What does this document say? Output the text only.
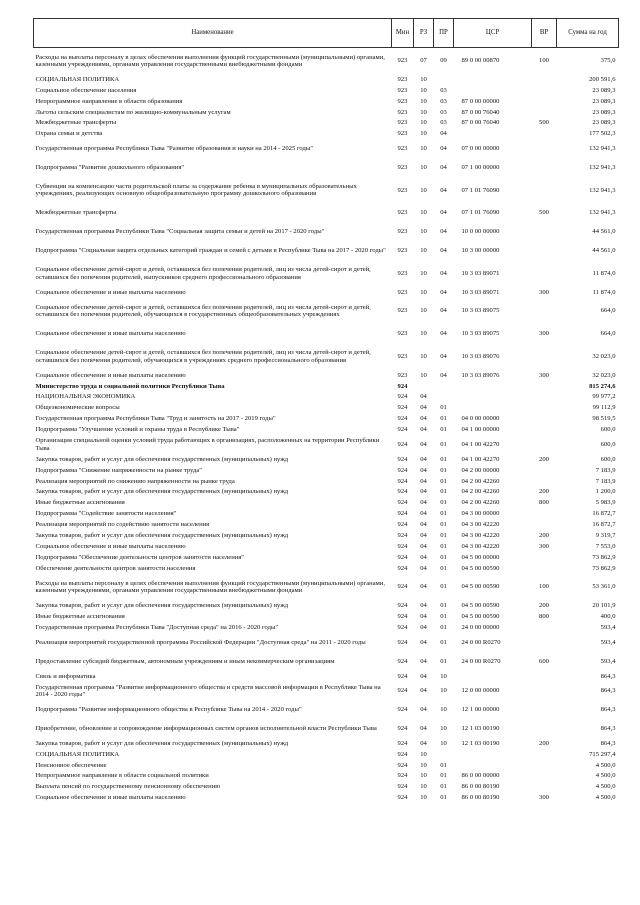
Наименование	Мин	РЗ	ПР	ЦСР	ВР	Сумма на год
Расходы на выплаты персоналу в целах обеспечения выполнения функций государственными (муниципальными) органами, казенными учреждениями, органами управления государственными внебюджетными фондами	923	07	09	89 0 00 00870	100	375,0
СОЦИАЛЬНАЯ ПОЛИТИКА	923	10				200 591,6
Социальное обеспечение населения	923	10	03			23 089,3
Непрограммное направление в области образования	923	10	03	87 0 00 00000		23 089,3
Льготы сельским специалистам по жилищно-коммунальным услугам	923	10	03	87 0 00 76040		23 089,3
Межбюджетные трансферты	923	10	03	87 0 00 76040	500	23 089,3
Охрана семьи и детства	923	10	04			177 502,3
Государственная программа Республики Тыва "Развитие образования и науки на 2014 - 2025 годы"	923	10	04	07 0 00 00000		132 941,3
Подпрограмма "Развитие дошкольного образования"	923	10	04	07 1 00 00000		132 941,3
Субвенции на компенсацию части родительской платы за содержание ребенка в муниципальных образовательных учреждениях, реализующих основную общеобразовательную программу дошкольного образования	923	10	04	07 1 01 76090		132 941,3
Межбюджетные трансферты	923	10	04	07 1 01 76090	500	132 941,3
Государственная программа Республики Тыва "Социальная защита семьи и детей на 2017 - 2020 годы"	923	10	04	10 0 00 00000		44 561,0
Подпрограмма "Социальная защита отдельных категорий граждан и семей с детьми в Республике Тыва на 2017 - 2020 годы"	923	10	04	10 3 00 00000		44 561,0
Социальное обеспечение детей-сирот и детей, оставшихся без попечения родителей, лиц из числа детей-сирот и детей, оставшихся без попечения родителей, выпускников среднего профессионального образования	923	10	04	10 3 03 89071		11 874,0
Социальное обеспечение и иные выплаты населению	923	10	04	10 3 03 89071	300	11 874,0
Социальное обеспечение детей-сирот и детей, оставшихся без попечения родителей, лиц из числа детей-сирот и детей, оставшихся без попечения родителей, обучающихся в государственных общеобразовательных учреждениях	923	10	04	10 3 03 89075		664,0
Социальное обеспечение и иные выплаты населению	923	10	04	10 3 03 89075	300	664,0
Социальное обеспечение детей-сирот и детей, оставшихся без попечения родителей, лиц из числа детей-сирот и детей, оставшихся без попечения родителей, обучающихся в учреждениях среднего профессионального образования	923	10	04	10 3 03 89076		32 023,0
Социальное обеспечение и иные выплаты населению	923	10	04	10 3 03 89076	300	32 023,0
Министерство труда и социальной политики Республики Тыва	924					815 274,6
НАЦИОНАЛЬНАЯ ЭКОНОМИКА	924	04				99 977,2
Общеэкономические вопросы	924	04	01			99 112,9
Государственная программа Республики Тыва "Труд и занятость на 2017 - 2019 годы"	924	04	01	04 0 00 00000		98 519,5
Подпрограмма "Улучшение условий и охраны труда в Республике Тыва"	924	04	01	04 1 00 00000		600,0
Организация специальной оценки условий труда работающих в организациях, расположенных на территории Республики Тыва	924	04	01	04 1 00 42270		600,0
Закупка товаров, работ и услуг для обеспечения государственных (муниципальных) нужд	924	04	01	04 1 00 42270	200	600,0
Подпрограмма "Снижение напряженности на рынке труда"	924	04	01	04 2 00 00000		7 183,9
Реализация мероприятий по снижению напряженности на рынке труда	924	04	01	04 2 00 42260		7 183,9
Закупка товаров, работ и услуг для обеспечения государственных (муниципальных) нужд	924	04	01	04 2 00 42260	200	1 200,0
Иные бюджетные ассигнования	924	04	01	04 2 00 42260	800	5 983,9
Подпрограмма "Содействие занятости населения"	924	04	01	04 3 00 00000		16 872,7
Реализация мероприятий по содействию занятости населения	924	04	01	04 3 00 42220		16 872,7
Закупка товаров, работ и услуг для обеспечения государственных (муниципальных) нужд	924	04	01	04 3 00 42220	200	9 319,7
Социальное обеспечение и иные выплаты населению	924	04	01	04 3 00 42220	300	7 553,0
Подпрограмма "Обеспечение деятельности центров занятости населения"	924	04	01	04 5 00 00000		73 862,9
Обеспечение деятельности центров занятости населения	924	04	01	04 5 00 00590		73 862,9
Расходы на выплаты персоналу в целях обеспечения выполнения функций государственными (муниципальными) органами, казенными учреждениями, органами управления государственными внебюджетными фондами	924	04	01	04 5 00 00590	100	53 361,0
Закупка товаров, работ и услуг для обеспечения государственных (муниципальных) нужд	924	04	01	04 5 00 00590	200	20 101,9
Иные бюджетные ассигнования	924	04	01	04 5 00 00590	800	400,0
Государственная программа Республики Тыва "Доступная среда" на 2016 - 2020 годы"	924	04	01	24 0 00 00000		593,4
Реализация мероприятий государственной программы Российской Федерации "Доступная среда" на 2011 - 2020 годы	924	04	01	24 0 00 R0270		593,4
Предоставление субсидий бюджетным, автономным учреждениям и иным некоммерческим организациям	924	04	01	24 0 00 R0270	600	593,4
Связь и информатика	924	04	10			864,3
Государственная программа "Развитие информационного общества и средств массовой информации в Республике Тыва на 2014 - 2020 годы"	924	04	10	12 0 00 00000		864,3
Подпрограмма "Развитие информационного общества в Республике Тыва на 2014 - 2020 годы"	924	04	10	12 1 00 00000		864,3
Приобретение, обновление и сопровождение информационных систем органов исполнительной власти Республики Тыва	924	04	10	12 1 03 00190		864,3
Закупка товаров, работ и услуг для обеспечения государственных (муниципальных) нужд	924	04	10	12 1 03 00190	200	864,3
СОЦИАЛЬНАЯ ПОЛИТИКА	924	10				715 297,4
Пенсионное обеспечение	924	10	01			4 500,0
Непрограммное направление в области социальной политики	924	10	01	86 0 00 00000		4 500,0
Выплата пенсий по государственному пенсионному обеспечению	924	10	01	86 0 00 80190		4 500,0
Социальное обеспечение и иные выплаты населению	924	10	01	86 0 00 80190	300	4 500,0
